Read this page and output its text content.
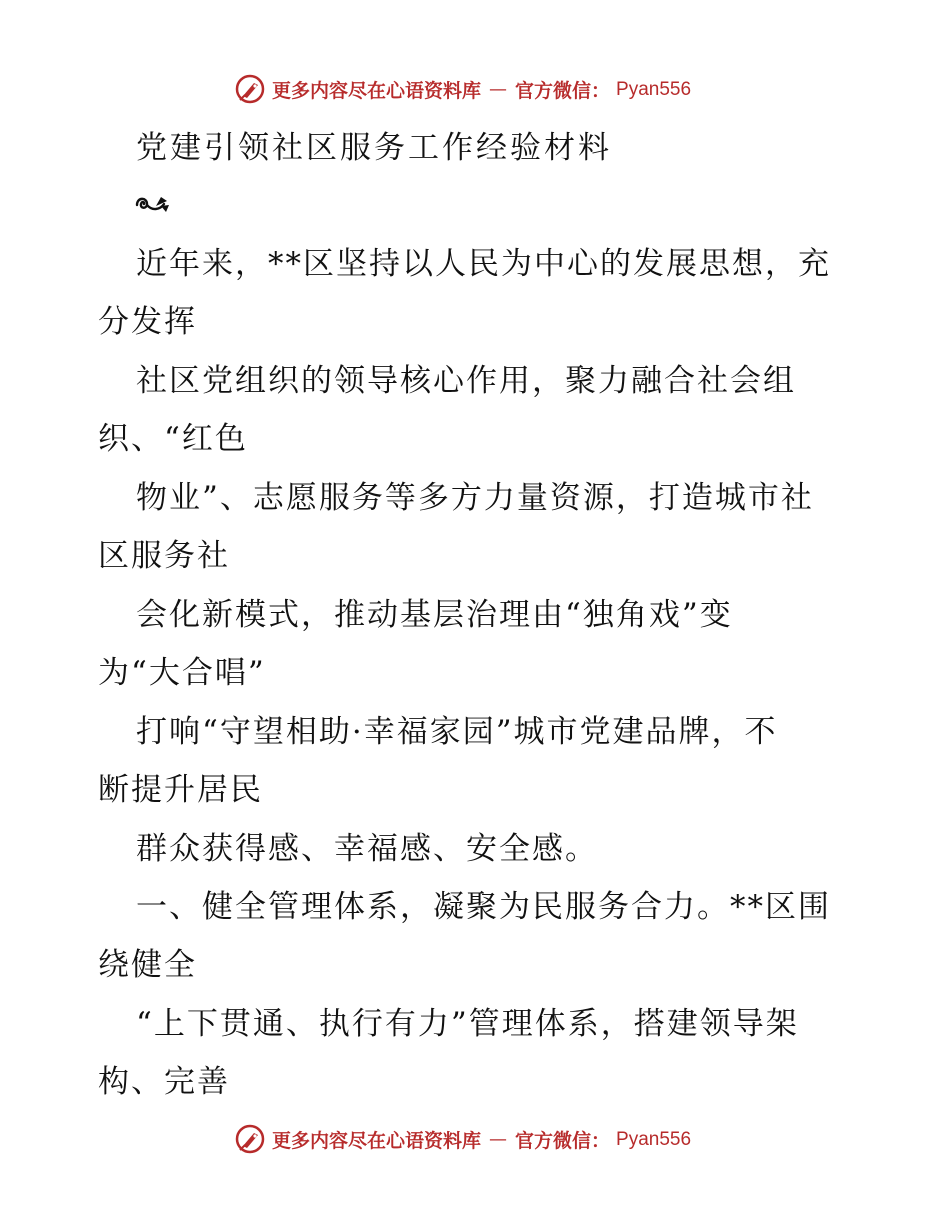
更多内容尽在心语资料库 — 官方微信： Pyan556
党建引领社区服务工作经验材料
近年来，**区坚持以人民为中心的发展思想，充
分发挥
社区党组织的领导核心作用，聚力融合社会组
织、“红色
物业”、志愿服务等多方力量资源，打造城市社
区服务社
会化新模式，推动基层治理由“独角戏”变
为“大合唱”
打响“守望相助·幸福家园”城市党建品牌，不
断提升居民
群众获得感、幸福感、安全感。
一、健全管理体系，凝聚为民服务合力。**区围
绕健全
“上下贯通、执行有力”管理体系，搭建领导架
构、完善
更多内容尽在心语资料库 — 官方微信： Pyan556
